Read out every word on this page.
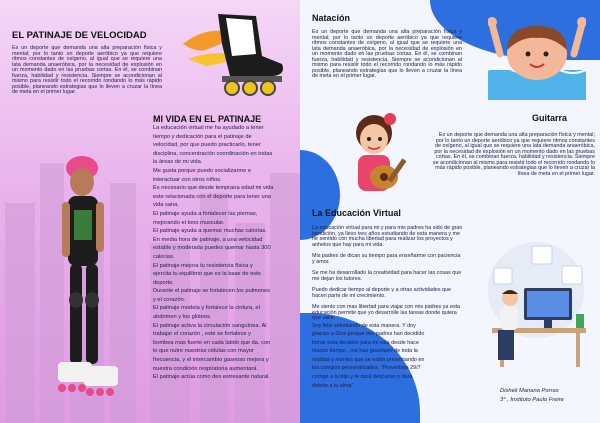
EL PATINAJE DE VELOCIDAD
Es un deporte que demanda una alta preparación física y mental; por lo tanto un deporte aeróbico ya que requiere ritmos constantes de oxígeno, al igual que se requiere una lata demanda anaeróbica, por la necesidad de explosión en un momento dado en las pruebas cortas. En él, se combinan fuerza, habilidad y resistencia. Siempre se acondicionan al mismo para resistir todo el recorrido rondando lo más rápido posible, planeando estrategias que lo lleven a cruzar la línea de meta en el primer lugar.
MI VIDA EN EL PATINAJE
La educación virtual me ha ayudado a tener
tiempo y dedicación para el patinaje de
velocidad, por que puedo practicarlo, tener
disciplina, concentración coordinación en todas
la áreas de mi vida.
Me gusta porque puedo socializarme e
interactuar con otros niños.
Es necesario que desde temprana edad mi vida
este relacionada con el deporte para tener una
vida sana.
El patinaje ayuda a fortalecer las piernas,
mejorando el tono muscular.
El patinaje ayuda a quemar muchas calorías.
En media hora de patinaje, a una velocidad
estable y moderada puedes quemar hasta 300
calorías.
El patinaje mejora tu resistencia física y
ejercita tu equilibrio que es la base de este
deporte.
Durante el patinaje se fortalecen los pulmones
y el corazón.
El patinaje modela y fortalece la cintura, el
abdomen y los glúteos.
El patinaje activa la circulación sanguínea. Al
trabajar el corazón , esté se fortalece y
bombea mas fuerte en cada latido que da, con
lo que nutre nuestras células con mayor
frecuencia, y el intercambio gaseoso mejora y
nuestra condición respiratoria aumentará.
El patinaje actúa como des estresante natural.
Natación
Es un deporte que demanda una alta preparación física y mental; por lo tanto un deporte aeróbico ya que requiere ritmos constantes de oxígeno, al igual que se requiere una lata demanda anaeróbica, por la necesidad de explosión en un momento dado en las pruebas cortas. En él, se combinan fuerza, habilidad y resistencia. Siempre se acondicionan al mismo para resistir todo el recorrido rondando lo más rápido posible, planeando estrategias que lo lleven a cruzar la línea de meta en el primer lugar.
Guitarra
Es un deporte que demanda una alta preparación física y mental; por lo tanto un deporte aeróbico ya que requiere ritmos constantes de oxígeno, al igual que se requiere una lata demanda anaeróbica, por la necesidad de explosión en un momento dado en las pruebas cortas. En él, se combinan fuerza, habilidad y resistencia. Siempre se acondicionan al mismo para resistir todo el recorrido rondando lo más rápido posible, planeando estrategias que lo lleven a cruzar la línea de meta en el primer lugar.
La Educación Virtual

La educación virtual para mi y para mis padres ha sido de gran bendición, ya llevo tres años estudiando de esta manera y me he sentido con mucha libertad para realizar los proyectos y anhelos que hay para mi vida.

Mis padres de dican su tiempo para enseñarme con paciencia y amor.

Se me ha desarrollado la creatividad para hacer las cosas que me dejan los tutores.

Puedo dedicar tiempo al deporte y a otras actividades que hacen parte de mi crecimiento.

Me siento con mas libertad para viajar con mis padres ya esta educación permite que yo desarrolle las tareas donde quiera que valla.

Soy feliz estudiando de esta manera. Y doy
gracias a Dios porque mis padres han decidido
tomar esta decisión para mi vida desde hace
mucho tiempo , me han guardado de toda la
maldad y mentes que se están presentando en
los colegios personalizados. "Proverbios 29/7
corrige a tu hijo y te dará descanso y dará
deleite a tu alma".
Disheli Mariana Porras
3° , Instituto Paulo Freire
